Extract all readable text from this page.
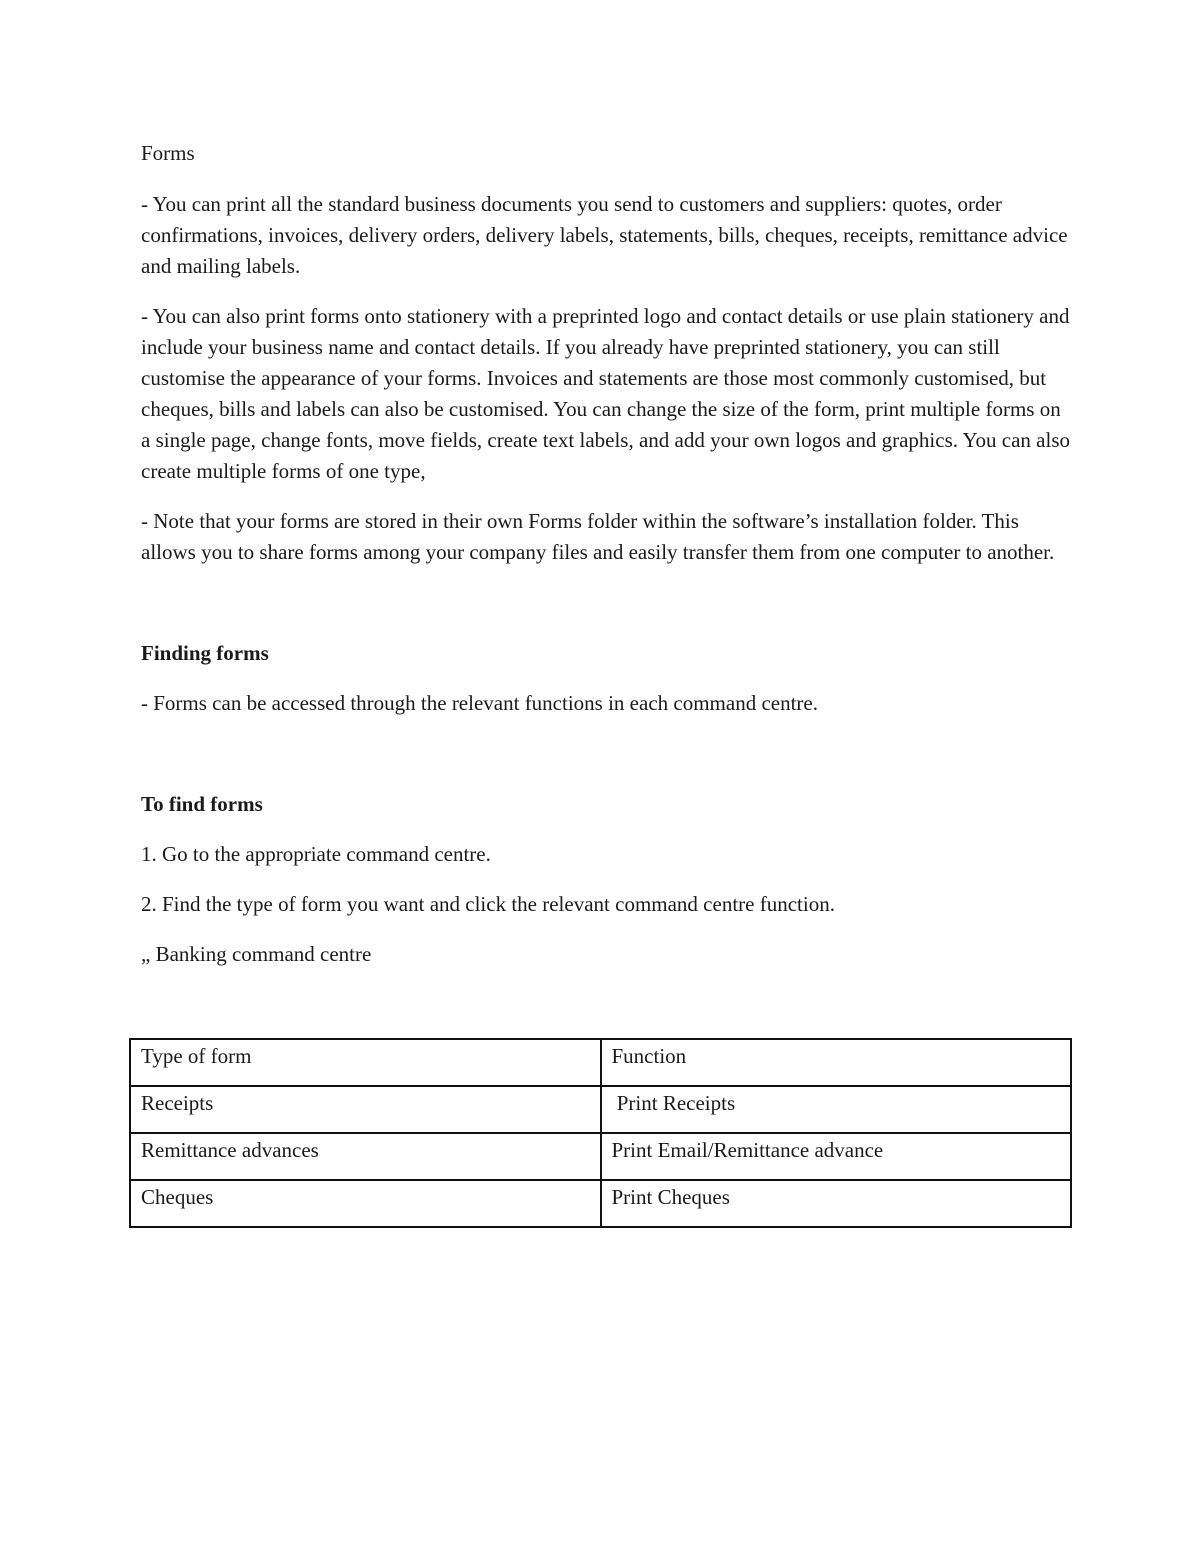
Forms

- You can print all the standard business documents you send to customers and suppliers: quotes, order confirmations, invoices, delivery orders, delivery labels, statements, bills, cheques, receipts, remittance advice and mailing labels.

- You can also print forms onto stationery with a preprinted logo and contact details or use plain stationery and include your business name and contact details. If you already have preprinted stationery, you can still customise the appearance of your forms. Invoices and statements are those most commonly customised, but cheques, bills and labels can also be customised. You can change the size of the form, print multiple forms on a single page, change fonts, move fields, create text labels, and add your own logos and graphics. You can also create multiple forms of one type,

- Note that your forms are stored in their own Forms folder within the software’s installation folder. This allows you to share forms among your company files and easily transfer them from one computer to another.

Finding forms

- Forms can be accessed through the relevant functions in each command centre.

To find forms

1. Go to the appropriate command centre.

2. Find the type of form you want and click the relevant command centre function.

„ Banking command centre

Type of form	Function
Receipts	Print Receipts
Remittance advances	Print Email/Remittance advance
Cheques	Print Cheques
